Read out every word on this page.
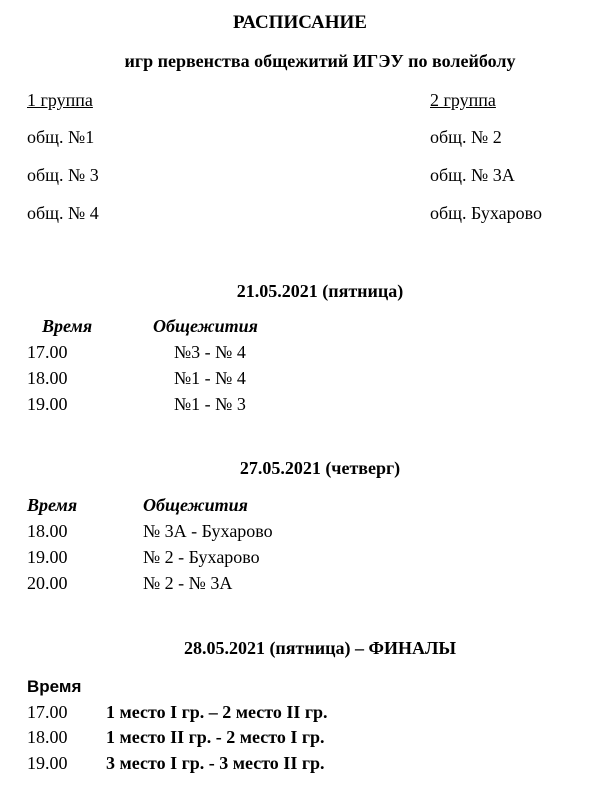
РАСПИСАНИЕ
игр первенства общежитий ИГЭУ по волейболу
1 группа
общ. №1
общ. № 3
общ. № 4
2 группа
общ. № 2
общ. № 3А
общ. Бухарово
21.05.2021 (пятница)
Время	Общежития
17.00	№3 - № 4
18.00	№1 - № 4
19.00	№1 - № 3
27.05.2021 (четверг)
Время	Общежития
18.00	№ 3А - Бухарово
19.00	№ 2 - Бухарово
20.00	№ 2 - № 3А
28.05.2021 (пятница) – ФИНАЛЫ
Время
17.00 1 место I гр. – 2 место II гр.
18.00 1 место II гр. - 2 место I гр.
19.00 3 место I гр. - 3 место II гр.
